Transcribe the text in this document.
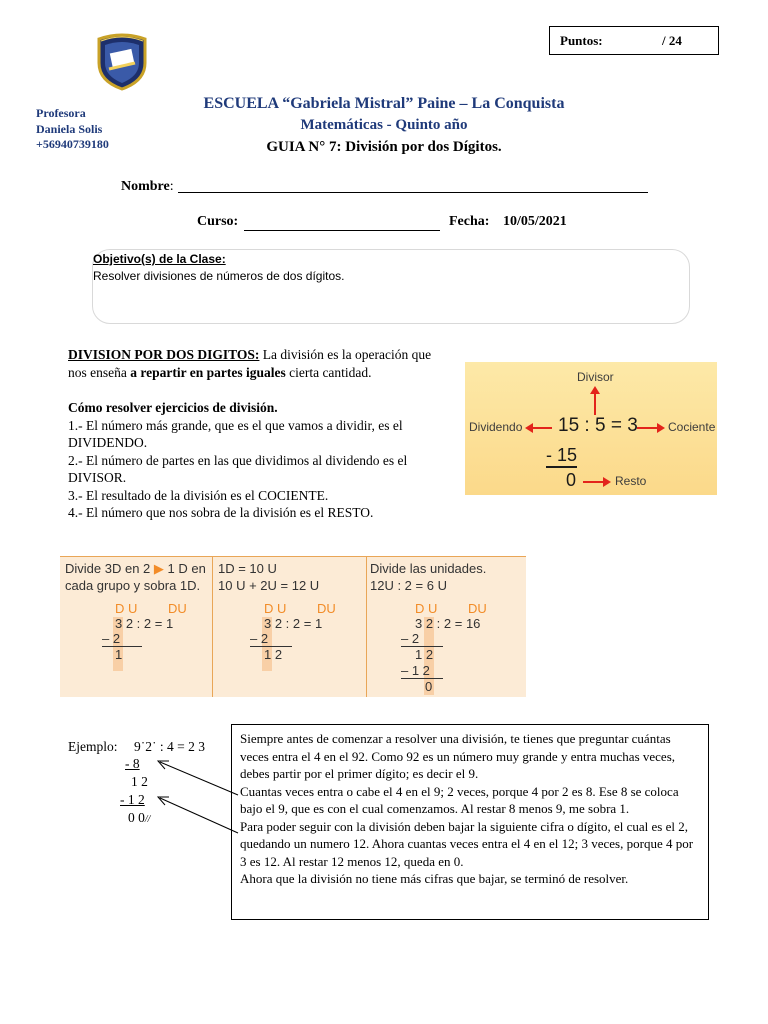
Puntos:	/ 24
Profesora
Daniela Solis
+56940739180
ESCUELA “Gabriela Mistral” Paine – La Conquista
Matemáticas - Quinto año
GUIA N° 7: División por dos Dígitos.
Nombre:
Curso:	Fecha: 10/05/2021
Objetivo(s) de la Clase:
Resolver divisiones de números de dos dígitos.
DIVISION POR DOS DIGITOS: La división es la operación que nos enseña a repartir en partes iguales cierta cantidad.
Cómo resolver ejercicios de división.
1.- El número más grande, que es el que vamos a dividir, es el DIVIDENDO.
2.- El número de partes en las que dividimos al dividendo es el DIVISOR.
3.- El resultado de la división es el COCIENTE.
4.- El número que nos sobra de la división es el RESTO.
Divisor
Dividendo 15 : 5 = 3	Cociente
- 15
0	Resto
Divide 3D en 2 ▶ 1 D en
cada grupo y sobra 1D.
D U DU
3 2 : 2 = 1
– 2
1
1D = 10 U
10 U + 2U = 12 U
D U DU
3 2 : 2 = 1
– 2
1 2
Divide las unidades.
12U : 2 = 6 U
D U DU
3 2 : 2 = 16
– 2
1 2
– 1 2
0
Ejemplo: 9˙2˙ : 4 = 2 3
- 8
1 2
- 1 2
0 0//

Siempre antes de comenzar a resolver una división, te tienes que preguntar cuántas veces entra el 4 en el 92. Como 92 es un número muy grande y entra muchas veces, debes partir por el primer dígito; es decir el 9.

Cuantas veces entra o cabe el 4 en el 9; 2 veces, porque 4 por 2 es 8. Ese 8 se coloca bajo el 9, que es con el cual comenzamos. Al restar 8 menos 9, me sobra 1.

Para poder seguir con la división deben bajar la siguiente cifra o dígito, el cual es el 2, quedando un numero 12. Ahora cuantas veces entra el 4 en el 12; 3 veces, porque 4 por 3 es 12. Al restar 12 menos 12, queda en 0.

Ahora que la división no tiene más cifras que bajar, se terminó de resolver.
